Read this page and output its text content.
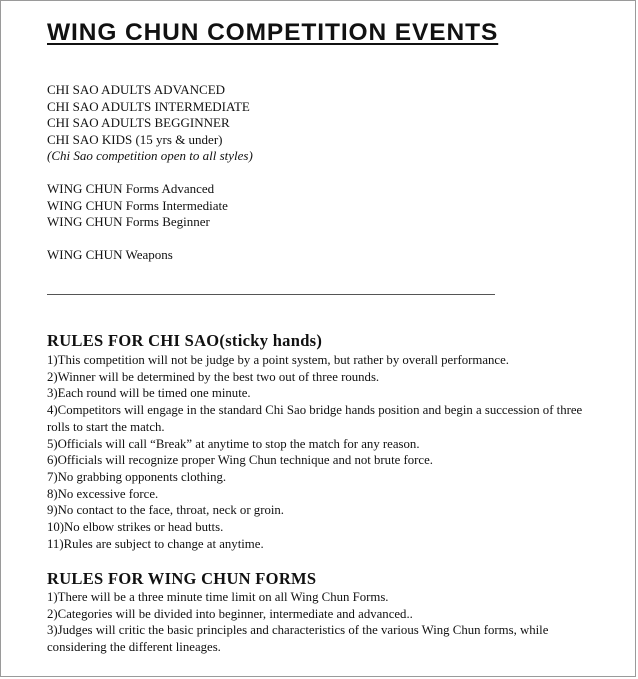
WING CHUN COMPETITION EVENTS
CHI SAO ADULTS ADVANCED
CHI SAO ADULTS INTERMEDIATE
CHI SAO ADULTS BEGGINNER
CHI SAO KIDS (15 yrs & under)
(Chi Sao competition open to all styles)
WING CHUN Forms Advanced
WING CHUN Forms Intermediate
WING CHUN Forms Beginner
WING CHUN Weapons
RULES FOR CHI SAO(sticky hands)
1)This competition will not be judge by a point system, but rather by overall performance.
2)Winner will be determined by the best two out of three rounds.
3)Each round will be timed one minute.
4)Competitors will engage in the standard Chi Sao bridge hands position and begin a succession of three rolls to start the match.
5)Officials will call “Break” at anytime to stop the match for any reason.
6)Officials will recognize proper Wing Chun technique and not brute force.
7)No grabbing opponents clothing.
8)No excessive force.
9)No contact to the face, throat, neck or groin.
10)No elbow strikes or head butts.
11)Rules are subject to change at anytime.
RULES FOR WING CHUN FORMS
1)There will be a three minute time limit on all Wing Chun Forms.
2)Categories will be divided into beginner, intermediate and advanced..
3)Judges will critic the basic principles and characteristics of the various Wing Chun forms, while considering the different lineages.
